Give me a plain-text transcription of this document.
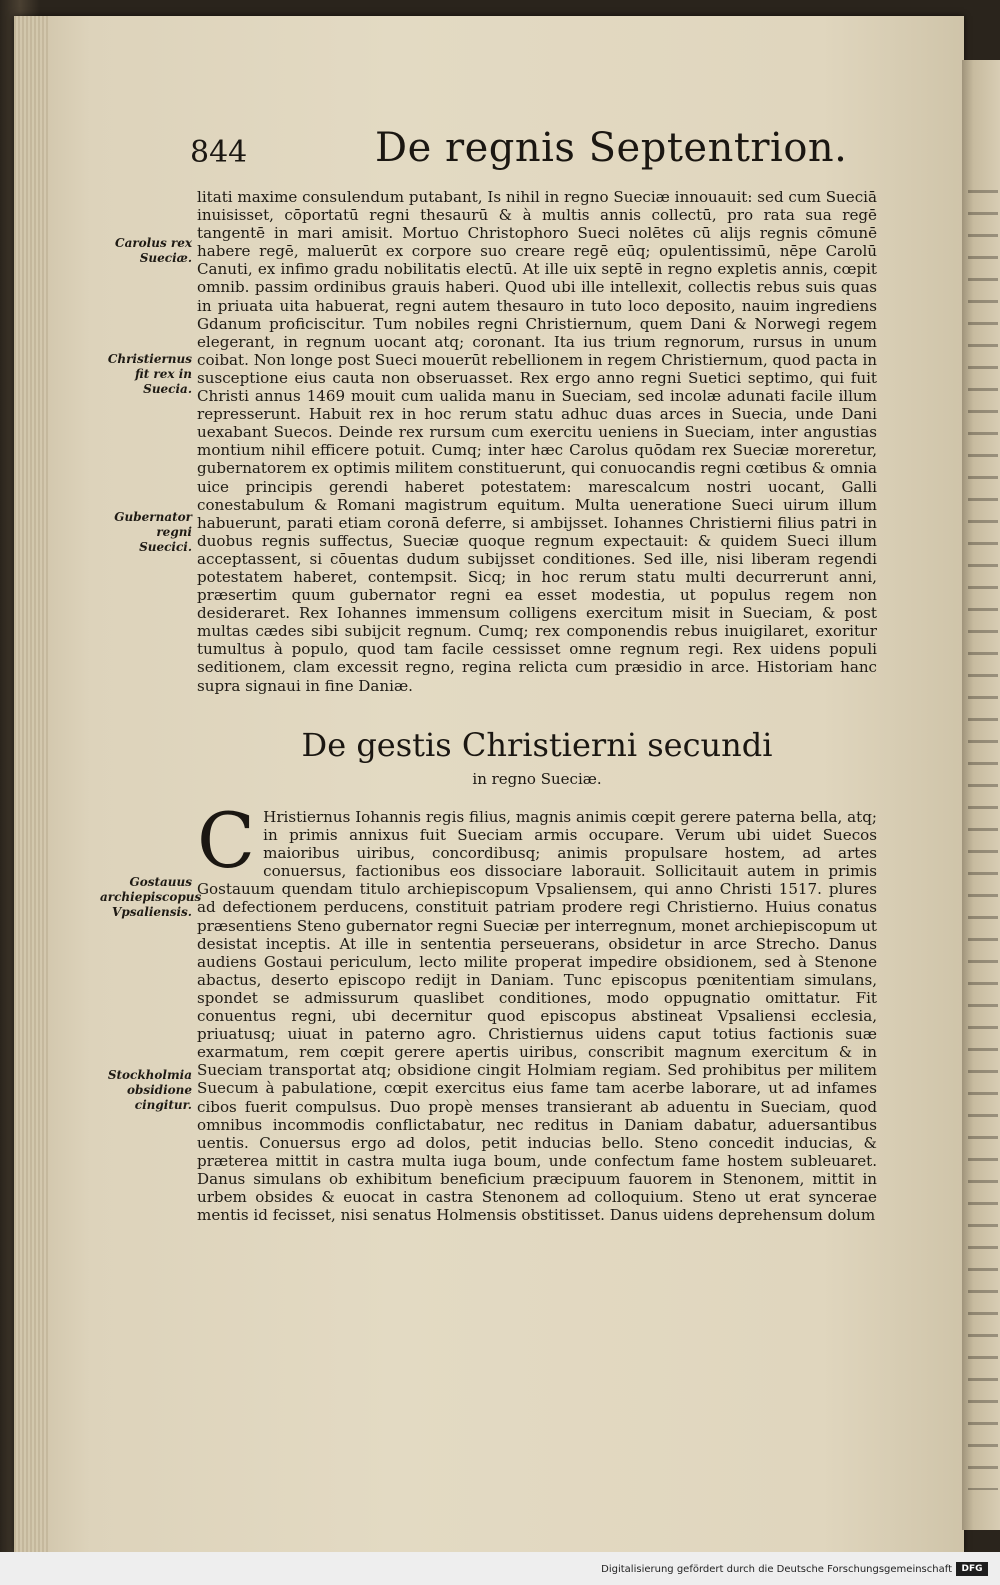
844	De regnis Septentrion.

Carolus rex Sueciæ.

Christiernus fit rex in Suecia.

Gubernator regni Suecici.

Gostauus archiepiscopus Vpsaliensis.

Stockholmia obsidione cingitur.

litati maxime consulendum putabant, Is nihil in regno Sueciæ innouauit: sed cum Sueciā inuisisset, cōportatū regni thesaurū & à multis annis collectū, pro rata sua regē tangentē in mari amisit. Mortuo Christophoro Sueci nolētes cū alijs regnis cōmunē habere regē, maluerūt ex corpore suo creare regē eūq; opulentissimū, nēpe Carolū Canuti, ex infimo gradu nobilitatis electū. At ille uix septē in regno expletis annis, cœpit omnib. passim ordinibus grauis haberi. Quod ubi ille intellexit, collectis rebus suis quas in priuata uita habuerat, regni autem thesauro in tuto loco deposito, nauim ingrediens Gdanum proficiscitur. Tum nobiles regni Christiernum, quem Dani & Norwegi regem elegerant, in regnum uocant atq; coronant. Ita ius trium regnorum, rursus in unum coibat. Non longe post Sueci mouerūt rebellionem in regem Christiernum, quod pacta in susceptione eius cauta non obseruasset. Rex ergo anno regni Suetici septimo, qui fuit Christi annus 1469 mouit cum ualida manu in Sueciam, sed incolæ adunati facile illum represserunt. Habuit rex in hoc rerum statu adhuc duas arces in Suecia, unde Dani uexabant Suecos. Deinde rex rursum cum exercitu ueniens in Sueciam, inter angustias montium nihil efficere potuit. Cumq; inter hæc Carolus quōdam rex Sueciæ moreretur, gubernatorem ex optimis militem constituerunt, qui conuocandis regni cœtibus & omnia uice principis gerendi haberet potestatem: marescalcum nostri uocant, Galli conestabulum & Romani magistrum equitum. Multa ueneratione Sueci uirum illum habuerunt, parati etiam coronā deferre, si ambijsset. Iohannes Christierni filius patri in duobus regnis suffectus, Sueciæ quoque regnum expectauit: & quidem Sueci illum acceptassent, si cōuentas dudum subijsset conditiones. Sed ille, nisi liberam regendi potestatem haberet, contempsit. Sicq; in hoc rerum statu multi decurrerunt anni, præsertim quum gubernator regni ea esset modestia, ut populus regem non desideraret. Rex Iohannes immensum colligens exercitum misit in Sueciam, & post multas cædes sibi subijcit regnum. Cumq; rex componendis rebus inuigilaret, exoritur tumultus à populo, quod tam facile cessisset omne regnum regi. Rex uidens populi seditionem, clam excessit regno, regina relicta cum præsidio in arce. Historiam hanc supra signaui in fine Daniæ.

De gestis Christierni secundi
in regno Sueciæ.

C Hristiernus Iohannis regis filius, magnis animis cœpit gerere paterna bella, atq; in primis annixus fuit Sueciam armis occupare. Verum ubi uidet Suecos maioribus uiribus, concordibusq; animis propulsare hostem, ad artes conuersus, factionibus eos dissociare laborauit. Sollicitauit autem in primis Gostauum quendam titulo archiepiscopum Vpsaliensem, qui anno Christi 1517. plures ad defectionem perducens, constituit patriam prodere regi Christierno. Huius conatus præsentiens Steno gubernator regni Sueciæ per interregnum, monet archiepiscopum ut desistat inceptis. At ille in sententia perseuerans, obsidetur in arce Strecho. Danus audiens Gostaui periculum, lecto milite properat impedire obsidionem, sed à Stenone abactus, deserto episcopo redijt in Daniam. Tunc episcopus pœnitentiam simulans, spondet se admissurum quaslibet conditiones, modo oppugnatio omittatur. Fit conuentus regni, ubi decernitur quod episcopus abstineat Vpsaliensi ecclesia, priuatusq; uiuat in paterno agro. Christiernus uidens caput totius factionis suæ exarmatum, rem cœpit gerere apertis uiribus, conscribit magnum exercitum & in Sueciam transportat atq; obsidione cingit Holmiam regiam. Sed prohibitus per militem Suecum à pabulatione, cœpit exercitus eius fame tam acerbe laborare, ut ad infames cibos fuerit compulsus. Duo propè menses transierant ab aduentu in Sueciam, quod omnibus incommodis conflictabatur, nec reditus in Daniam dabatur, aduersantibus uentis. Conuersus ergo ad dolos, petit inducias bello. Steno concedit inducias, & præterea mittit in castra multa iuga boum, unde confectum fame hostem subleuaret. Danus simulans ob exhibitum beneficium præcipuum fauorem in Stenonem, mittit in urbem obsides & euocat in castra Stenonem ad colloquium. Steno ut erat syncerae mentis id fecisset, nisi senatus Holmensis obstitisset. Danus uidens deprehensum dolum

Digitalisierung gefördert durch die Deutsche Forschungsgemeinschaft	DFG
